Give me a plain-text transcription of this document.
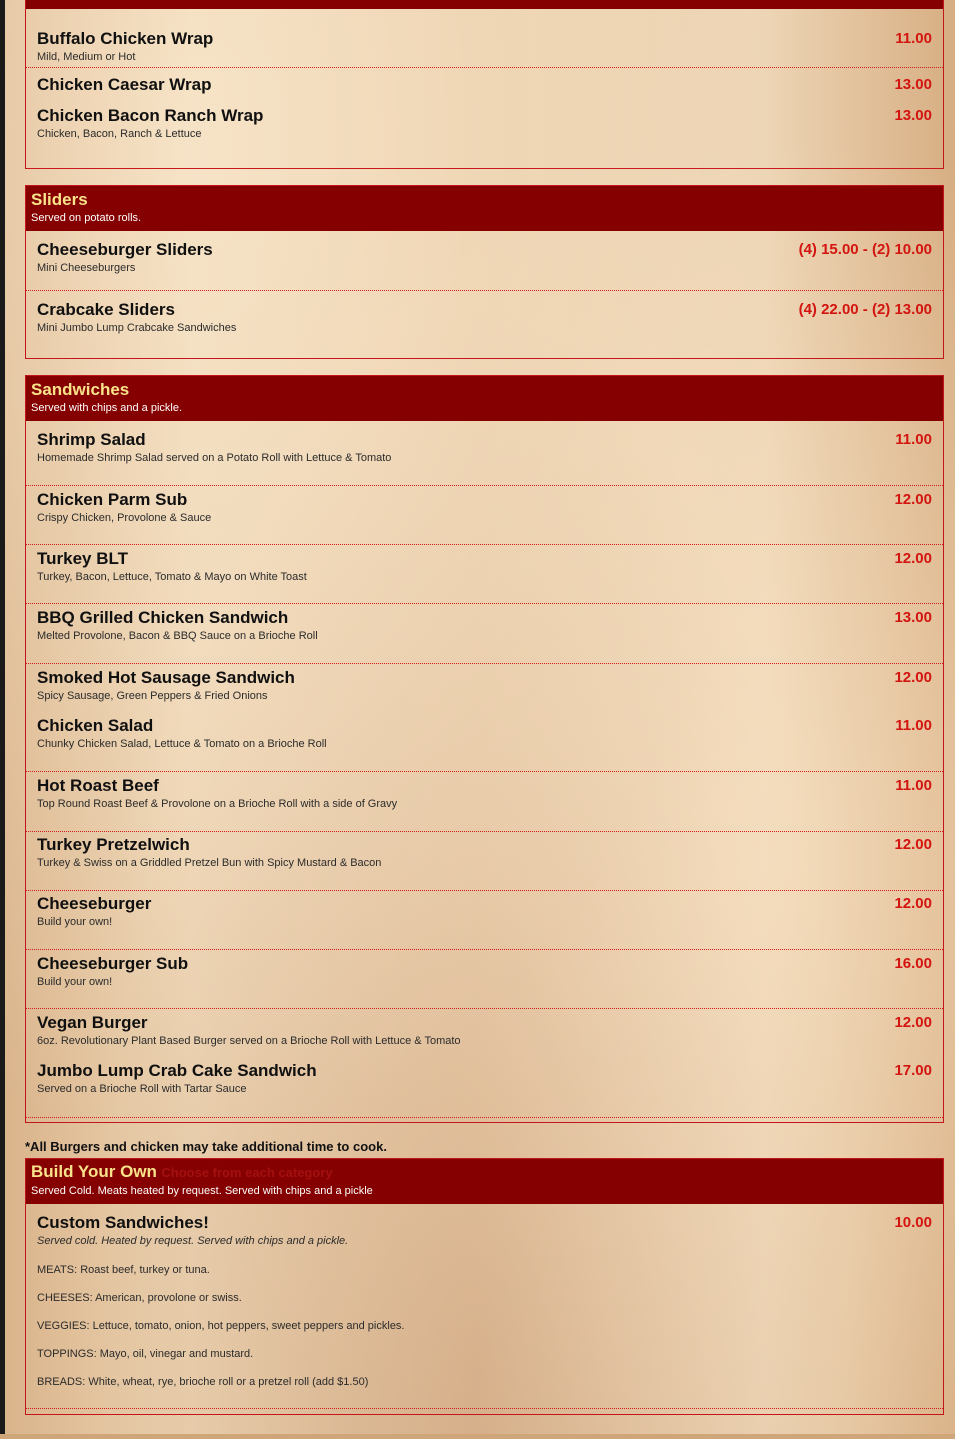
Buffalo Chicken Wrap
Mild, Medium or Hot
11.00
Chicken Caesar Wrap	13.00
Chicken Bacon Ranch Wrap
Chicken, Bacon, Ranch & Lettuce
13.00
Sliders
Served on potato rolls.
Cheeseburger Sliders
Mini Cheeseburgers
(4) 15.00 - (2) 10.00
Crabcake Sliders
Mini Jumbo Lump Crabcake Sandwiches
(4) 22.00 - (2) 13.00
Sandwiches
Served with chips and a pickle.
Shrimp Salad
Homemade Shrimp Salad served on a Potato Roll with Lettuce & Tomato
11.00
Chicken Parm Sub
Crispy Chicken, Provolone & Sauce
12.00
Turkey BLT
Turkey, Bacon, Lettuce, Tomato & Mayo on White Toast
12.00
BBQ Grilled Chicken Sandwich
Melted Provolone, Bacon & BBQ Sauce on a Brioche Roll
13.00
Smoked Hot Sausage Sandwich
Spicy Sausage, Green Peppers & Fried Onions
12.00
Chicken Salad
Chunky Chicken Salad, Lettuce & Tomato on a Brioche Roll
11.00
Hot Roast Beef
Top Round Roast Beef & Provolone on a Brioche Roll with a side of Gravy
11.00
Turkey Pretzelwich
Turkey & Swiss on a Griddled Pretzel Bun with Spicy Mustard & Bacon
12.00
Cheeseburger
Build your own!
12.00
Cheeseburger Sub
Build your own!
16.00
Vegan Burger
6oz. Revolutionary Plant Based Burger served on a Brioche Roll with Lettuce & Tomato
12.00
Jumbo Lump Crab Cake Sandwich
Served on a Brioche Roll with Tartar Sauce
17.00
*All Burgers and chicken may take additional time to cook.
Build Your Own Choose from each category
Served Cold. Meats heated by request. Served with chips and a pickle
Custom Sandwiches!
Served cold. Heated by request. Served with chips and a pickle.
MEATS: Roast beef, turkey or tuna.
CHEESES: American, provolone or swiss.
VEGGIES: Lettuce, tomato, onion, hot peppers, sweet peppers and pickles.
TOPPINGS: Mayo, oil, vinegar and mustard.
BREADS: White, wheat, rye, brioche roll or a pretzel roll (add $1.50)
10.00
